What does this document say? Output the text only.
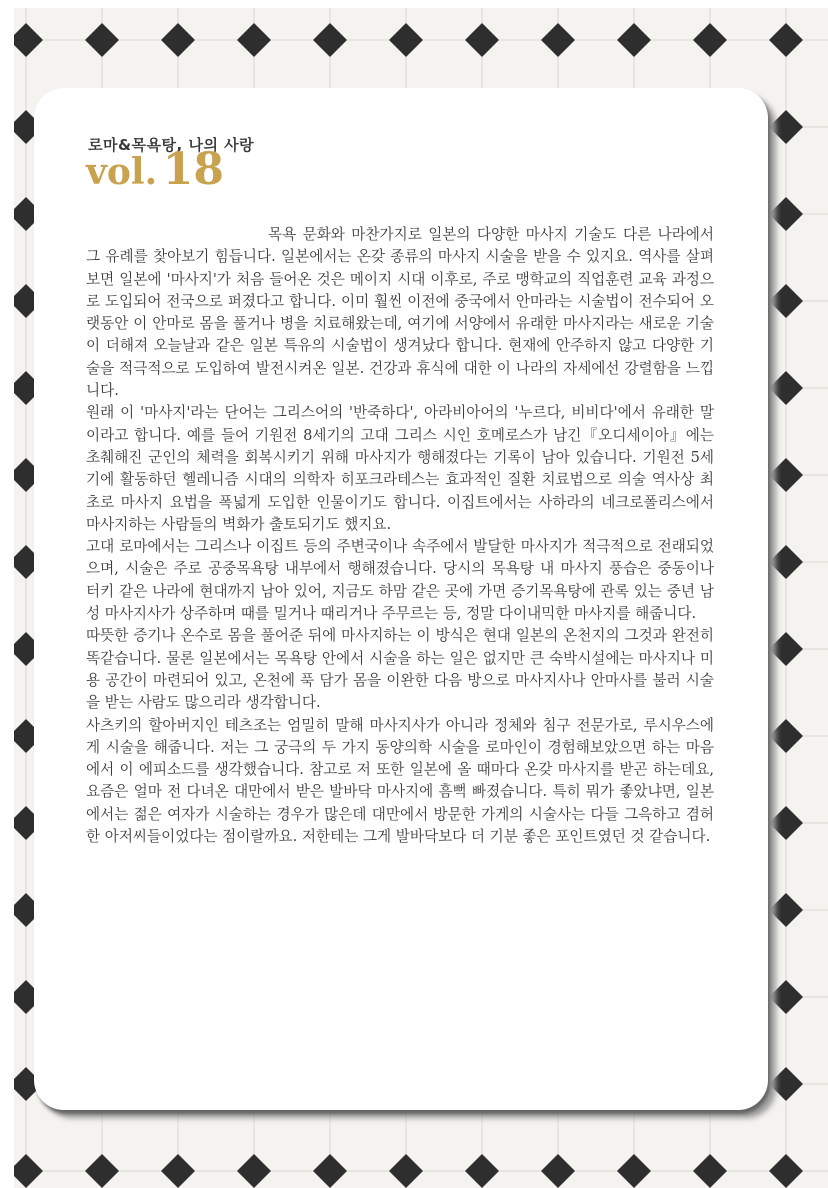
로마&목욕탕, 나의 사랑
vol. 18

목욕 문화와 마찬가지로 일본의 다양한 마사지 기술도 다른 나라에서 그 유례를 찾아보기 힘듭니다. 일본에서는 온갖 종류의 마사지 시술을 받을 수 있지요. 역사를 살펴보면 일본에 '마사지'가 처음 들어온 것은 메이지 시대 이후로, 주로 맹학교의 직업훈련 교육 과정으로 도입되어 전국으로 퍼졌다고 합니다. 이미 훨씬 이전에 중국에서 안마라는 시술법이 전수되어 오랫동안 이 안마로 몸을 풀거나 병을 치료해왔는데, 여기에 서양에서 유래한 마사지라는 새로운 기술이 더해져 오늘날과 같은 일본 특유의 시술법이 생겨났다 합니다. 현재에 안주하지 않고 다양한 기술을 적극적으로 도입하여 발전시켜온 일본. 건강과 휴식에 대한 이 나라의 자세에선 강렬함을 느낍니다.

원래 이 '마사지'라는 단어는 그리스어의 '반죽하다', 아라비아어의 '누르다, 비비다'에서 유래한 말이라고 합니다. 예를 들어 기원전 8세기의 고대 그리스 시인 호메로스가 남긴『오디세이아』에는 초췌해진 군인의 체력을 회복시키기 위해 마사지가 행해졌다는 기록이 남아 있습니다. 기원전 5세기에 활동하던 헬레니즘 시대의 의학자 히포크라테스는 효과적인 질환 치료법으로 의술 역사상 최초로 마사지 요법을 폭넓게 도입한 인물이기도 합니다. 이집트에서는 사하라의 네크로폴리스에서 마사지하는 사람들의 벽화가 출토되기도 했지요.

고대 로마에서는 그리스나 이집트 등의 주변국이나 속주에서 발달한 마사지가 적극적으로 전래되었으며, 시술은 주로 공중목욕탕 내부에서 행해졌습니다. 당시의 목욕탕 내 마사지 풍습은 중동이나 터키 같은 나라에 현대까지 남아 있어, 지금도 하맘 같은 곳에 가면 증기목욕탕에 관록 있는 중년 남성 마사지사가 상주하며 때를 밀거나 때리거나 주무르는 등, 정말 다이내믹한 마사지를 해줍니다.

따뜻한 증기나 온수로 몸을 풀어준 뒤에 마사지하는 이 방식은 현대 일본의 온천지의 그것과 완전히 똑같습니다. 물론 일본에서는 목욕탕 안에서 시술을 하는 일은 없지만 큰 숙박시설에는 마사지나 미용 공간이 마련되어 있고, 온천에 푹 담가 몸을 이완한 다음 방으로 마사지사나 안마사를 불러 시술을 받는 사람도 많으리라 생각합니다.

사츠키의 할아버지인 테츠조는 엄밀히 말해 마사지사가 아니라 정체와 침구 전문가로, 루시우스에게 시술을 해줍니다. 저는 그 궁극의 두 가지 동양의학 시술을 로마인이 경험해보았으면 하는 마음에서 이 에피소드를 생각했습니다. 참고로 저 또한 일본에 올 때마다 온갖 마사지를 받곤 하는데요, 요즘은 얼마 전 다녀온 대만에서 받은 발바닥 마사지에 흠뻑 빠졌습니다. 특히 뭐가 좋았냐면, 일본에서는 젊은 여자가 시술하는 경우가 많은데 대만에서 방문한 가게의 시술사는 다들 그윽하고 겸허한 아저씨들이었다는 점이랄까요. 저한테는 그게 발바닥보다 더 기분 좋은 포인트였던 것 같습니다.
